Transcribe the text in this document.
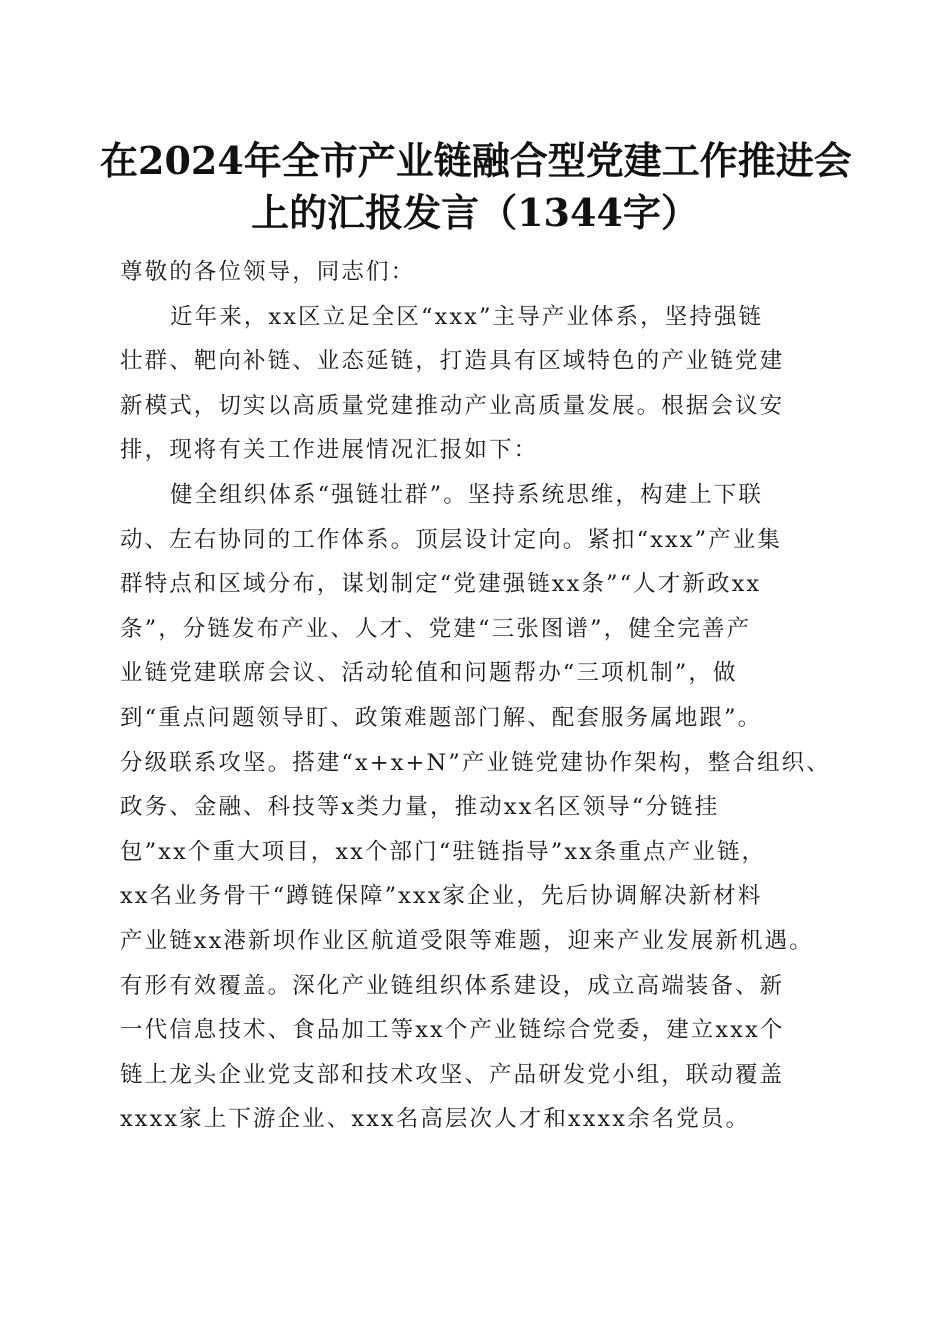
在2024年全市产业链融合型党建工作推进会
上的汇报发言（1344字）
尊敬的各位领导，同志们：
近年来，xx区立足全区“xxx”主导产业体系，坚持强链
壮群、靶向补链、业态延链，打造具有区域特色的产业链党建
新模式，切实以高质量党建推动产业高质量发展。根据会议安
排，现将有关工作进展情况汇报如下：
健全组织体系“强链壮群”。坚持系统思维，构建上下联
动、左右协同的工作体系。顶层设计定向。紧扣“xxx”产业集
群特点和区域分布，谋划制定“党建强链xx条”“人才新政xx
条”，分链发布产业、人才、党建“三张图谱”，健全完善产
业链党建联席会议、活动轮值和问题帮办“三项机制”，做
到“重点问题领导盯、政策难题部门解、配套服务属地跟”。
分级联系攻坚。搭建“x+x+N”产业链党建协作架构，整合组织、
政务、金融、科技等x类力量，推动xx名区领导“分链挂
包”xx个重大项目，xx个部门“驻链指导”xx条重点产业链，
xx名业务骨干“蹲链保障”xxx家企业，先后协调解决新材料
产业链xx港新坝作业区航道受限等难题，迎来产业发展新机遇。
有形有效覆盖。深化产业链组织体系建设，成立高端装备、新
一代信息技术、食品加工等xx个产业链综合党委，建立xxx个
链上龙头企业党支部和技术攻坚、产品研发党小组，联动覆盖
xxxx家上下游企业、xxx名高层次人才和xxxx余名党员。
